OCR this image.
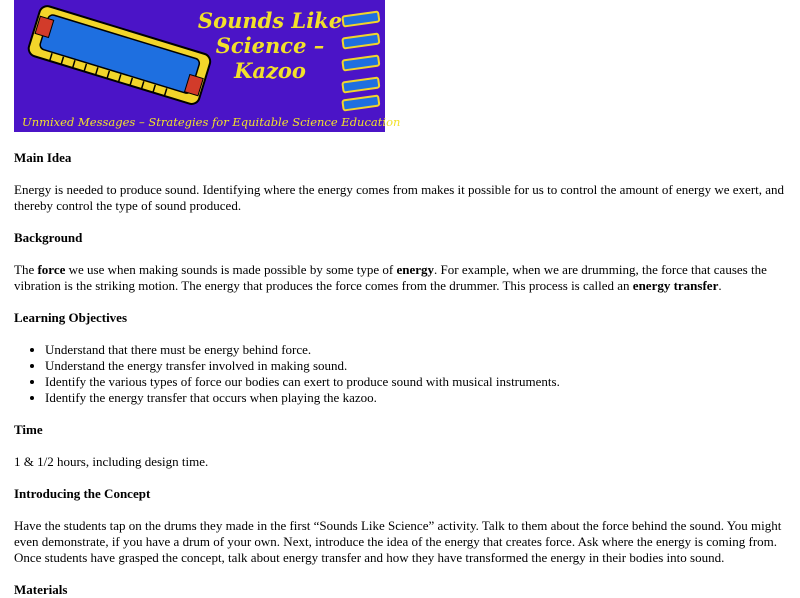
Sounds Like Science – Kazoo
Unmixed Messages – Strategies for Equitable Science Education

Main Idea

Energy is needed to produce sound. Identifying where the energy comes from makes it possible for us to control the amount of energy we exert, and thereby control the type of sound produced.

Background

The force we use when making sounds is made possible by some type of energy. For example, when we are drumming, the force that causes the vibration is the striking motion. The energy that produces the force comes from the drummer. This process is called an energy transfer.

Learning Objectives

• Understand that there must be energy behind force.
• Understand the energy transfer involved in making sound.
• Identify the various types of force our bodies can exert to produce sound with musical instruments.
• Identify the energy transfer that occurs when playing the kazoo.

Time

1 & 1/2 hours, including design time.

Introducing the Concept

Have the students tap on the drums they made in the first “Sounds Like Science” activity. Talk to them about the force behind the sound. You might even demonstrate, if you have a drum of your own. Next, introduce the idea of the energy that creates force. Ask where the energy is coming from. Once students have grasped the concept, talk about energy transfer and how they have transformed the energy in their bodies into sound.

Materials
